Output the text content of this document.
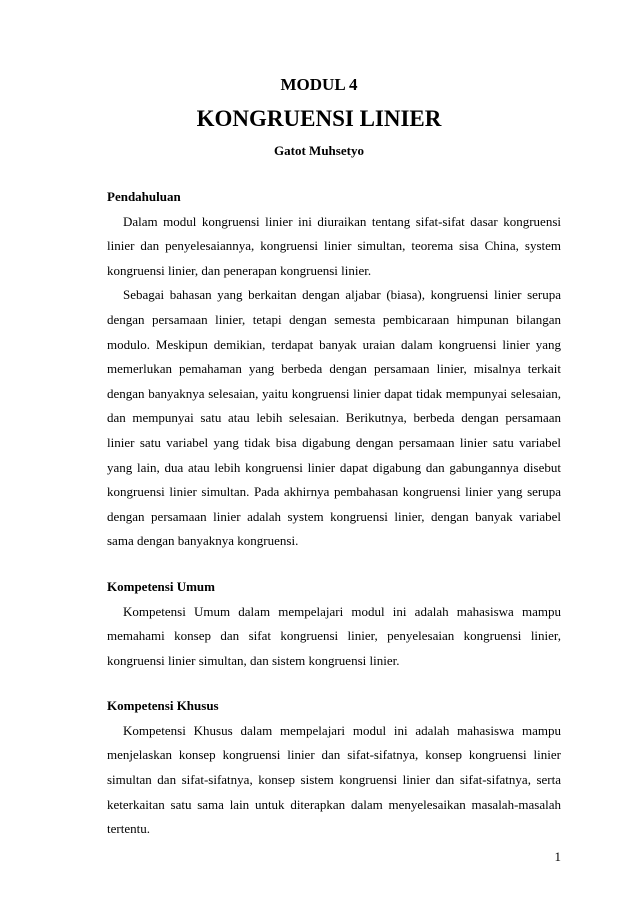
MODUL 4
KONGRUENSI LINIER
Gatot Muhsetyo

Pendahuluan

Dalam modul kongruensi linier ini diuraikan tentang sifat-sifat dasar kongruensi linier dan penyelesaiannya, kongruensi linier simultan, teorema sisa China, system kongruensi linier, dan penerapan kongruensi linier.

Sebagai bahasan yang berkaitan dengan aljabar (biasa), kongruensi linier serupa dengan persamaan linier, tetapi dengan semesta pembicaraan himpunan bilangan modulo. Meskipun demikian, terdapat banyak uraian dalam kongruensi linier yang memerlukan pemahaman yang berbeda dengan persamaan linier, misalnya terkait dengan banyaknya selesaian, yaitu kongruensi linier dapat tidak mempunyai selesaian, dan mempunyai satu atau lebih selesaian. Berikutnya, berbeda dengan persamaan linier satu variabel yang tidak bisa digabung dengan persamaan linier satu variabel yang lain, dua atau lebih kongruensi linier dapat digabung dan gabungannya disebut kongruensi linier simultan. Pada akhirnya pembahasan kongruensi linier yang serupa dengan persamaan linier adalah system kongruensi linier, dengan banyak variabel sama dengan banyaknya kongruensi.

Kompetensi Umum

Kompetensi Umum dalam mempelajari modul ini adalah mahasiswa mampu memahami konsep dan sifat kongruensi linier, penyelesaian kongruensi linier, kongruensi linier simultan, dan sistem kongruensi linier.

Kompetensi Khusus

Kompetensi Khusus dalam mempelajari modul ini adalah mahasiswa mampu menjelaskan konsep kongruensi linier dan sifat-sifatnya, konsep kongruensi linier simultan dan sifat-sifatnya, konsep sistem kongruensi linier dan sifat-sifatnya, serta keterkaitan satu sama lain untuk diterapkan dalam menyelesaikan masalah-masalah tertentu.

1
